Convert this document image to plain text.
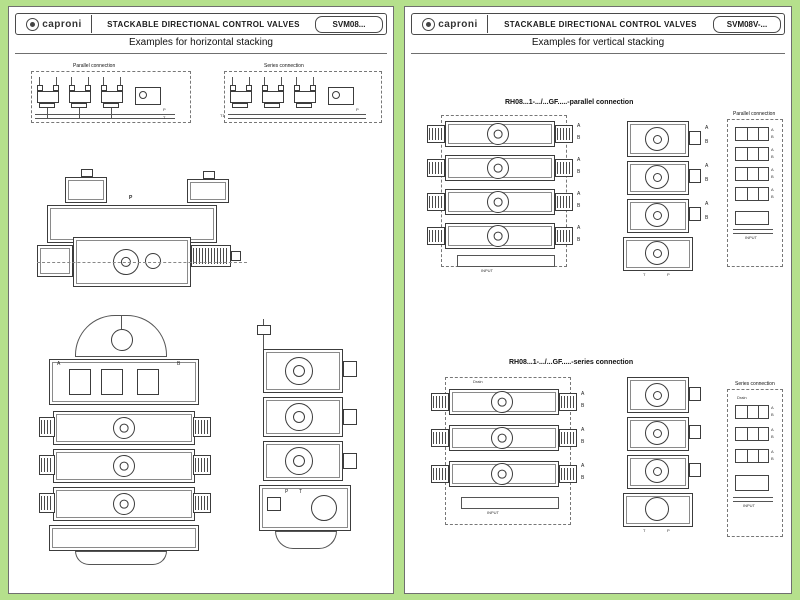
caproni	STACKABLE DIRECTIONAL CONTROL VALVES	SVM08...
Examples for horizontal stacking
Parallel connection
P
T
Series connection
T1
P
P
A	B
P T
caproni	STACKABLE DIRECTIONAL CONTROL VALVES	SVM08V-...
Examples for vertical stacking
RH08...1-.../...GF.....-parallel connection
A
B
A
B
A
B
A
B
INPUT
A
B
A
B
A
B
T	P
Parallel connection
A
B
A
B
A
B
A
B
INPUT
RH08...1-.../...GF.....-series connection
Drain
A
B
A
B
A
B
INPUT
T	P
Series connection
Drain
A
B
A
B
A
B
INPUT
